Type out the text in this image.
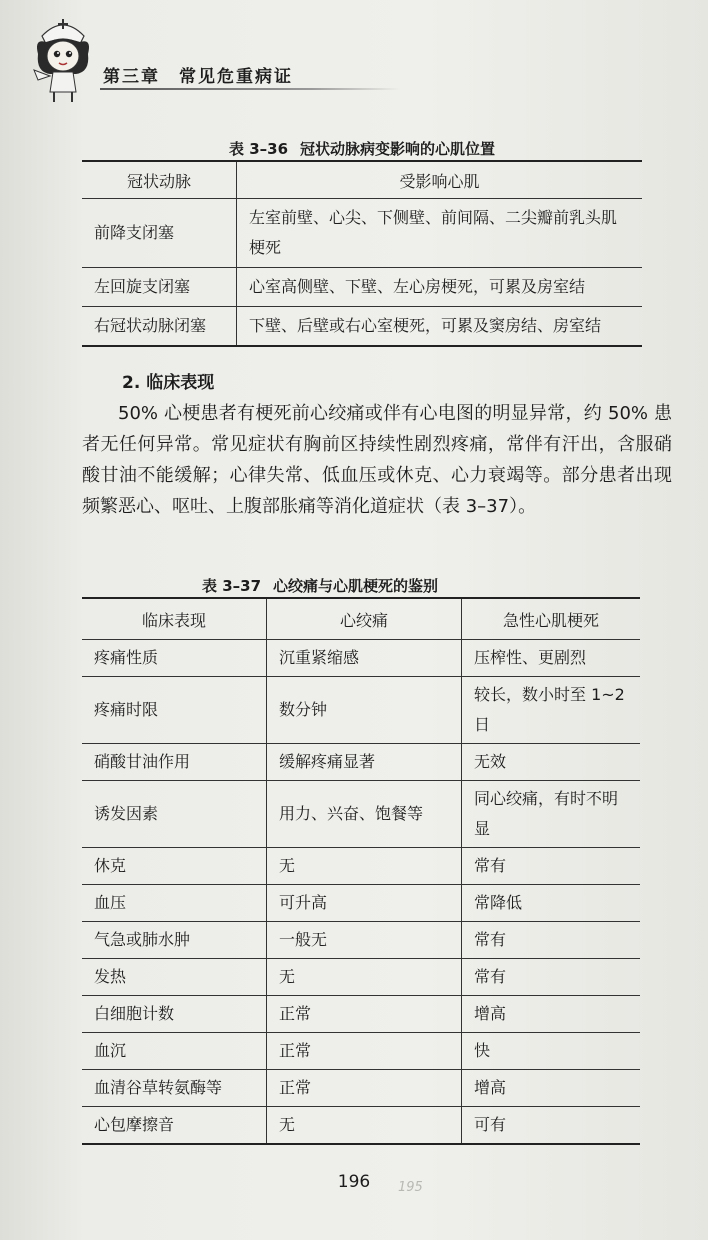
第三章　常见危重病证
表 3–36 冠状动脉病变影响的心肌位置
冠状动脉	受影响心肌
前降支闭塞	左室前壁、心尖、下侧壁、前间隔、二尖瓣前乳头肌梗死
左回旋支闭塞	心室高侧壁、下壁、左心房梗死，可累及房室结
右冠状动脉闭塞	下壁、后壁或右心室梗死，可累及窦房结、房室结
2. 临床表现
50% 心梗患者有梗死前心绞痛或伴有心电图的明显异常，约 50% 患者无任何异常。常见症状有胸前区持续性剧烈疼痛，常伴有汗出，含服硝酸甘油不能缓解；心律失常、低血压或休克、心力衰竭等。部分患者出现频繁恶心、呕吐、上腹部胀痛等消化道症状（表 3–37）。
表 3–37 心绞痛与心肌梗死的鉴别
临床表现	心绞痛	急性心肌梗死
疼痛性质	沉重紧缩感	压榨性、更剧烈
疼痛时限	数分钟	较长，数小时至 1~2 日
硝酸甘油作用	缓解疼痛显著	无效
诱发因素	用力、兴奋、饱餐等	同心绞痛，有时不明显
休克	无	常有
血压	可升高	常降低
气急或肺水肿	一般无	常有
发热	无	常有
白细胞计数	正常	增高
血沉	正常	快
血清谷草转氨酶等	正常	增高
心包摩擦音	无	可有
196	195
